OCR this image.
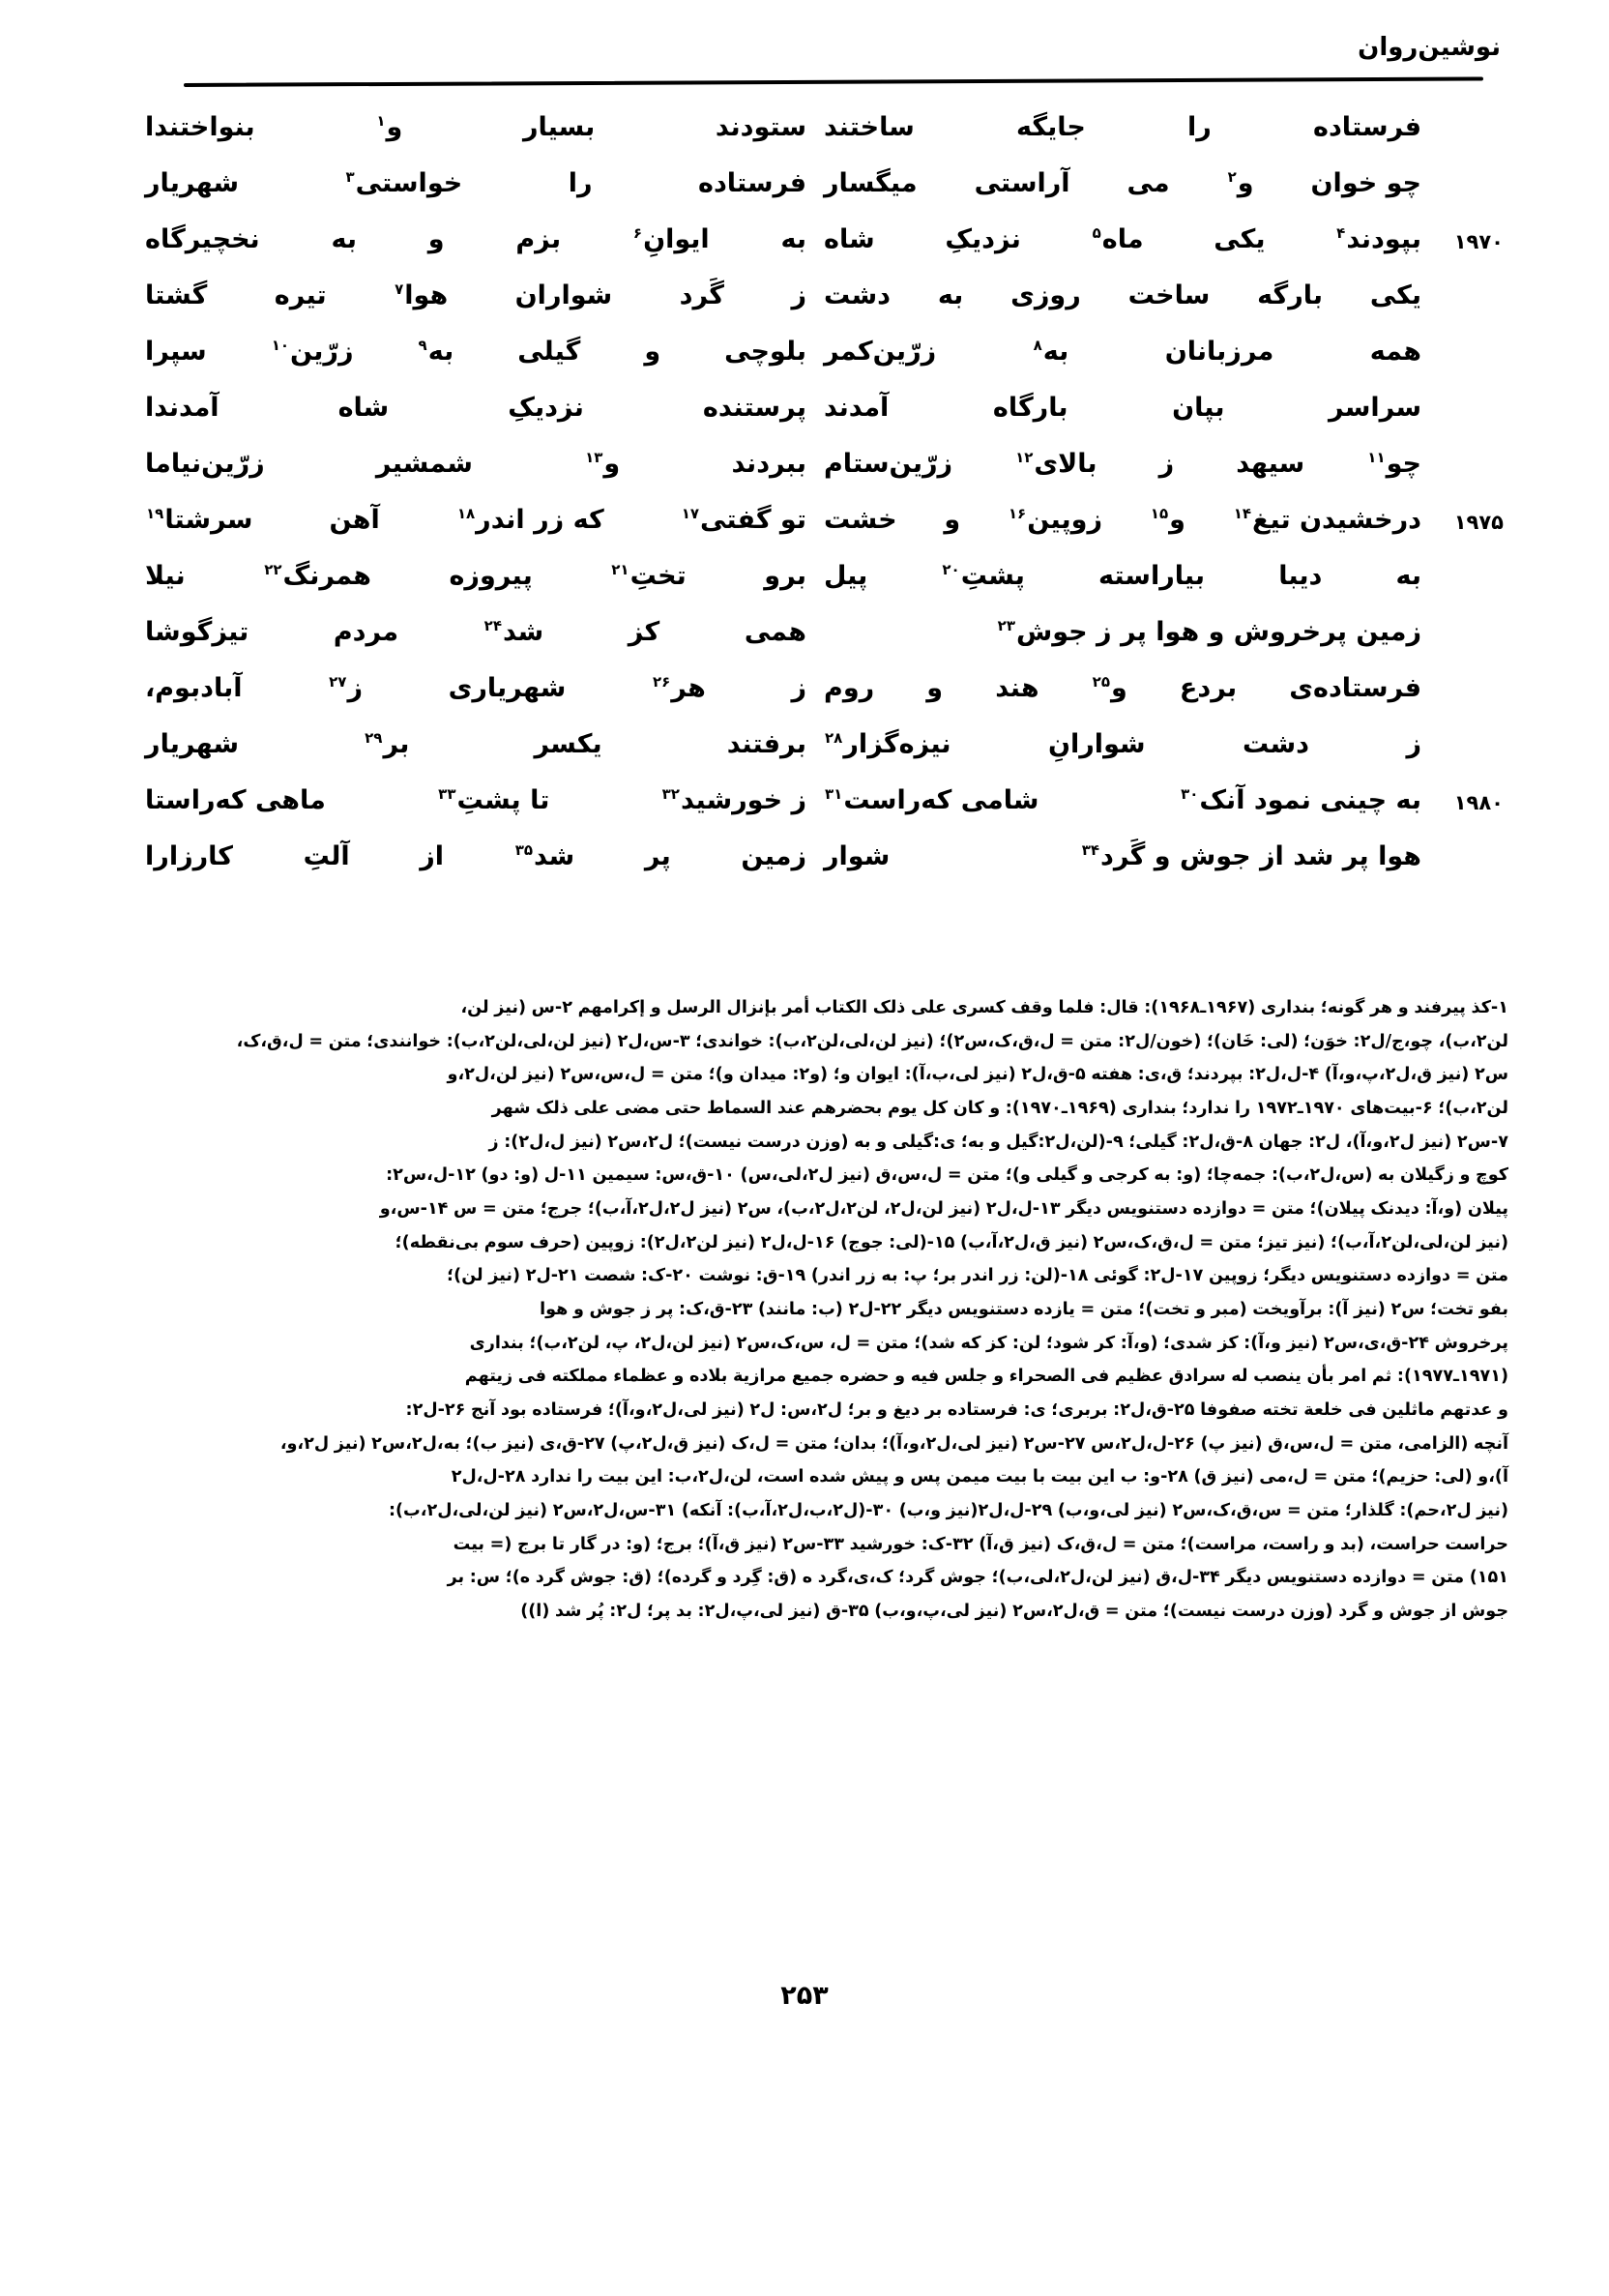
نوشین‌روان
فرستاده
را
جایگه
ساختند
ستودند
بسیار
و$^۱$
بنواختندا
چو خوان
و$^۲$
می
آراستی
میگسار
فرستاده
را
خواستی$^۳$
شهریار
۱۹۷۰
بپودند$^۴$
یکی
ماه$^۵$
نزدیکِ
شاه
به
ایوانِ$^۶$
بزم
و
به
نخچیرگاه
یکی
بارگه
ساخت
روزی
به
دشت
ز
گَرد
شواران
هوا$^۷$
تیره
گشتا
همه
مرزبانان
به$^۸$
زرّین‌کمر
بلوچی
و
گیلی
به$^۹$
زرّین$^{۱۰}$
سپرا
سراسر
بپان
بارگاه
آمدند
پرستنده
نزدیکِ
شاه
آمدندا
چو$^{۱۱}$
سیهد
ز
بالای$^{۱۲}$
زرّین‌ستام
ببردند
و$^{۱۳}$
شمشیر
زرّین‌نیاما
۱۹۷۵
درخشیدن تیغ$^{۱۴}$
و$^{۱۵}$
زوپین$^{۱۶}$
و
خشت
تو گفتی$^{۱۷}$
که زر اندر$^{۱۸}$
آهن
سرشتا$^{۱۹}$
به
دیبا
بیاراسته
پشتِ$^{۲۰}$
پیل
برو
تختِ$^{۲۱}$
پیروزه
همرنگ$^{۲۲}$
نیلا
زمین پرخروش و هوا پر ز جوش$^{۲۳}$
همی
کز
شد$^{۲۴}$
مردم
تیزگوشا
فرستاده‌ی
بردع
و$^{۲۵}$
هند
و
روم
ز
هر$^{۲۶}$
شهریاری
ز$^{۲۷}$
آبادبوم،
ز
دشت
شوارانِ
نیزه‌گزار$^{۲۸}$
برفتند
یکسر
بر$^{۲۹}$
شهریار
۱۹۸۰
به چینی نمود آنک$^{۳۰}$
شامی که‌راست$^{۳۱}$
ز خورشید$^{۳۲}$
تا پشتِ$^{۳۳}$
ماهی که‌راستا
هوا پر شد از جوش و گَرد$^{۳۴}$
شوار
زمین
پر
شد$^{۳۵}$
از
آلتِ
کارزارا

۱-کذ پیرفند و هر گونه؛ بنداری (۱۹۶۷ـ۱۹۶۸): قال: فلما وقف کسری علی ذلک الکتاب أمر بإنزال الرسل و إکرامهم ۲-س (نیز لن،

لن۲،ب)، چو،ج/ل۲: خوَن؛ (لی: خَان)؛ (خون/ل۲: متن = ل،ق،ک،س۲)؛ (نیز لن،لی،لن۲،ب): خواندی؛ ۳-س،ل۲ (نیز لن،لی،لن۲،ب): خوانندی؛ متن = ل،ق،ک،

س۲ (نیز ق،ل۲،پ،و،آ) ۴-ل،ل۲: بپردند؛ ق،ی: هفته ۵-ق،ل۲ (نیز لی،ب،آ): ایوان و؛ (و۲: میدان و)؛ متن = ل،س،س۲ (نیز لن،ل۲،و

لن۲،ب)؛ ۶-بیت‌های ۱۹۷۰ـ۱۹۷۲ را ندارد؛ بنداری (۱۹۶۹ـ۱۹۷۰): و کان کل یوم بحضرهم عند السماط حتی مضی علی ذلک شهر

۷-س۲ (نیز ل۲،و،آ)، ل۲: جهان ۸-ق،ل۲: گیلی؛ ۹-(لن،ل۲:گیل و به؛ ی:گیلی و به (وزن درست نیست)؛ ل۲،س۲ (نیز ل،ل۲): ز

کوچ و زگیلان به (س،ل۲،ب): جمه‌چا؛ (و: به کرجی و گیلی و)؛ متن = ل،س،ق (نیز ل۲،لی،س) ۱۰-ق،س: سیمین ۱۱-ل (و: دو) ۱۲-ل،س۲:

پیلان (و،آ: دیدنک پیلان)؛ متن = دوازده دستنویس دیگر ۱۳-ل،ل۲ (نیز لن،ل۲، لن۲،ل۲،ب)، س۲ (نیز ل۲،ل۲،آ،ب)؛ جرج؛ متن = س ۱۴-س،و

(نیز لن،لی،لن۲،آ،ب)؛ (نیز تیز؛ متن = ل،ق،ک،س۲ (نیز ق،ل۲،آ،ب) ۱۵-(لی: جوج) ۱۶-ل،ل۲ (نیز لن۲،ل۲): زوپین (حرف سوم بی‌نقطه)؛

متن = دوازده دستنویس دیگر؛ زوپین ۱۷-ل۲: گوئی ۱۸-(لن: زر اندر بر؛ پ: به زر اندر) ۱۹-ق: نوشت ۲۰-ک: شصت ۲۱-ل۲ (نیز لن)؛

بفو تخت؛ س۲ (نیز آ): برآویخت (مبر و تخت)؛ متن = یازده دستنویس دیگر ۲۲-ل۲ (ب: مانند) ۲۳-ق،ک: پر ز جوش و هوا

پرخروش ۲۴-ق،ی،س۲ (نیز و،آ): کز شدی؛ (و،آ: کر شود؛ لن: کز که شد)؛ متن = ل، س،ک،س۲ (نیز لن،ل۲، پ، لن۲،ب)؛ بنداری

(۱۹۷۱ـ۱۹۷۷): ثم امر بأن ینصب له سرادق عظیم فی الصحراء و جلس فیه و حضره جمیع مرازیة بلاده و عظماء مملکته فی زیتهم

و عدتهم ماثلین فی خلعة تخته صفوفا ۲۵-ق،ل۲: بربری؛ ی: فرستاده بر دیغ و بر؛ ل۲،س: ل۲ (نیز لی،ل۲،و،آ)؛ فرستاده بود آنج ۲۶-ل۲:

آنچه (الزامی، متن = ل،س،ق (نیز پ) ۲۶-ل،ل۲،س ۲۷-س۲ (نیز لی،ل۲،و،آ)؛ بدان؛ متن = ل،ک (نیز ق،ل۲،پ) ۲۷-ق،ی (نیز ب)؛ به،ل۲،س۲ (نیز ل۲،و،

آ)،و (لی: حزیم)؛ متن = ل،می (نیز ق) ۲۸-و: ب این بیت با بیت میمن پس و پیش شده است، لن،ل۲،ب: این بیت را ندارد ۲۸-ل،ل۲

(نیز ل۲،حم): گلذار؛ متن = س،ق،ک،س۲ (نیز لی،و،ب) ۲۹-ل،ل۲(نیز و،ب) ۳۰-(ل۲،ب،ل۲،آ،ب): آنکه) ۳۱-س،ل۲،س۲ (نیز لن،لی،ل۲،ب):

حراست حراست، (بد و راست، مراست)؛ متن = ل،ق،ک (نیز ق،آ) ۳۲-ک: خورشید ۳۳-س۲ (نیز ق،آ)؛ برج؛ (و: در گار تا برج (= بیت

۱۵۱) متن = دوازده دستنویس دیگر ۳۴-ل،ق (نیز لن،ل۲،لی،ب)؛ جوش گرد؛ ک،ی،گرد ه (ق: گِرد و گرده)؛ (ق: جوش گرد ه)؛ س: بر

جوش از جوش و گرد (وزن درست نیست)؛ متن = ق،ل۲،س۲ (نیز لی،پ،و،ب) ۳۵-ق (نیز لی،پ،ل۲: بد پر؛ ل۲: پُر شد (ا))

۲۵۳
